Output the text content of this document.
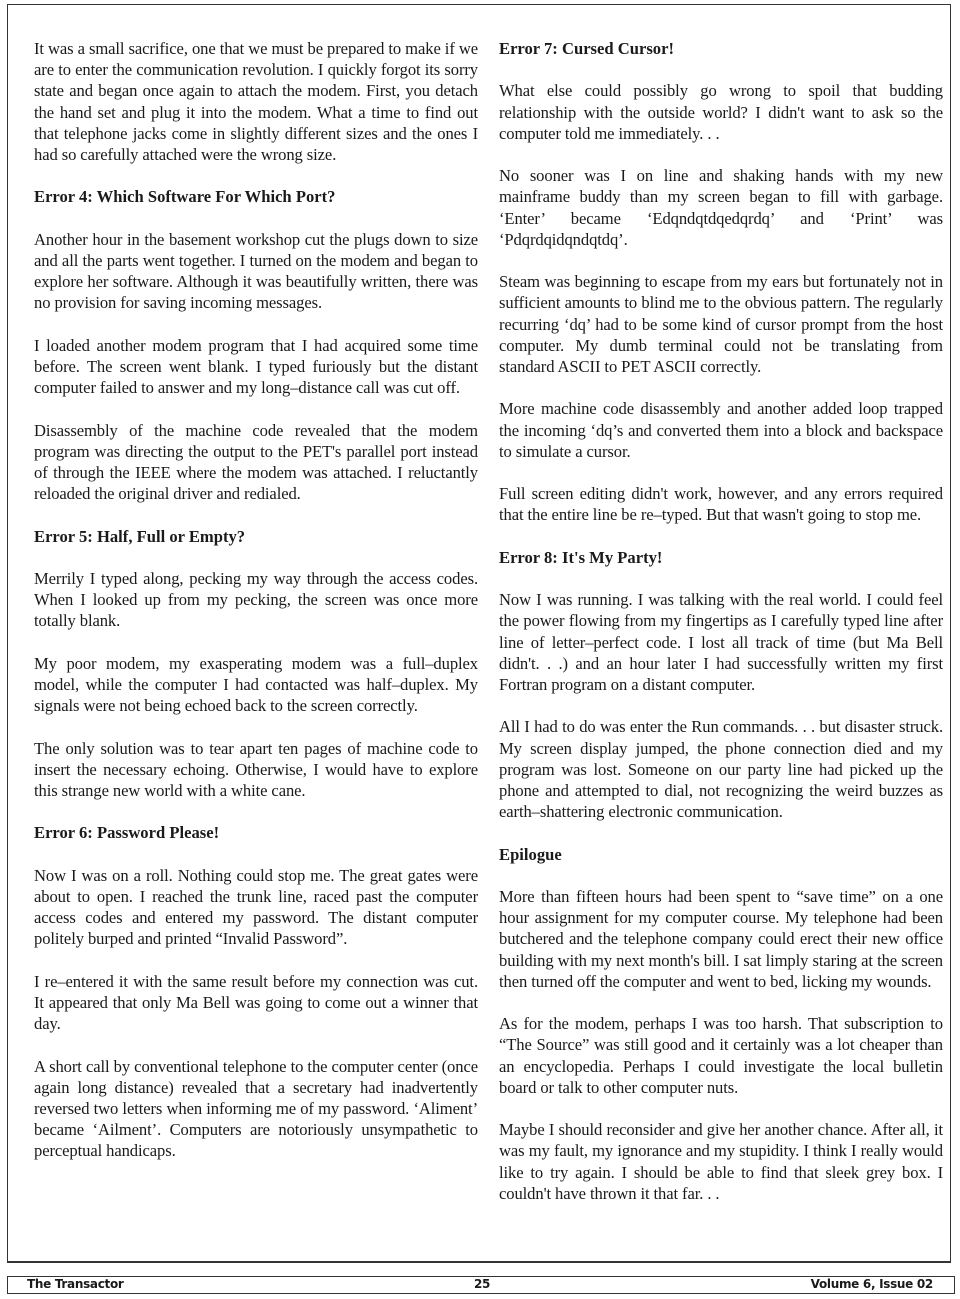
It was a small sacrifice, one that we must be prepared to make if we are to enter the communication revolution. I quickly forgot its sorry state and began once again to attach the modem. First, you detach the hand set and plug it into the modem. What a time to find out that telephone jacks come in slightly different sizes and the ones I had so carefully attached were the wrong size.

Error 4: Which Software For Which Port?

Another hour in the basement workshop cut the plugs down to size and all the parts went together. I turned on the modem and began to explore her software. Although it was beautifully written, there was no provision for saving incoming messages.

I loaded another modem program that I had acquired some time before. The screen went blank. I typed furiously but the distant computer failed to answer and my long–distance call was cut off.

Disassembly of the machine code revealed that the modem program was directing the output to the PET's parallel port instead of through the IEEE where the modem was attached. I reluctantly reloaded the original driver and redialed.

Error 5: Half, Full or Empty?

Merrily I typed along, pecking my way through the access codes. When I looked up from my pecking, the screen was once more totally blank.

My poor modem, my exasperating modem was a full–duplex model, while the computer I had contacted was half–duplex. My signals were not being echoed back to the screen correctly.

The only solution was to tear apart ten pages of machine code to insert the necessary echoing. Otherwise, I would have to explore this strange new world with a white cane.

Error 6: Password Please!

Now I was on a roll. Nothing could stop me. The great gates were about to open. I reached the trunk line, raced past the computer access codes and entered my password. The distant computer politely burped and printed “Invalid Password”.

I re–entered it with the same result before my connection was cut. It appeared that only Ma Bell was going to come out a winner that day.

A short call by conventional telephone to the computer center (once again long distance) revealed that a secretary had inadvertently reversed two letters when informing me of my password. ‘Aliment’ became ‘Ailment’. Computers are notoriously unsympathetic to perceptual handicaps.

Error 7: Cursed Cursor!

What else could possibly go wrong to spoil that budding relationship with the outside world? I didn't want to ask so the computer told me immediately. . .

No sooner was I on line and shaking hands with my new mainframe buddy than my screen began to fill with garbage. ‘Enter’ became ‘Edqndqtdqedqrdq’ and ‘Print’ was ‘Pdqrdqidqndqtdq’.

Steam was beginning to escape from my ears but fortunately not in sufficient amounts to blind me to the obvious pattern. The regularly recurring ‘dq’ had to be some kind of cursor prompt from the host computer. My dumb terminal could not be translating from standard ASCII to PET ASCII correctly.

More machine code disassembly and another added loop trapped the incoming ‘dq’s and converted them into a block and backspace to simulate a cursor.

Full screen editing didn't work, however, and any errors required that the entire line be re–typed. But that wasn't going to stop me.

Error 8: It's My Party!

Now I was running. I was talking with the real world. I could feel the power flowing from my fingertips as I carefully typed line after line of letter–perfect code. I lost all track of time (but Ma Bell didn't. . .) and an hour later I had successfully written my first Fortran program on a distant computer.

All I had to do was enter the Run commands. . . but disaster struck. My screen display jumped, the phone connection died and my program was lost. Someone on our party line had picked up the phone and attempted to dial, not recognizing the weird buzzes as earth–shattering electronic communication.

Epilogue

More than fifteen hours had been spent to “save time” on a one hour assignment for my computer course. My telephone had been butchered and the telephone company could erect their new office building with my next month's bill. I sat limply staring at the screen then turned off the computer and went to bed, licking my wounds.

As for the modem, perhaps I was too harsh. That subscription to “The Source” was still good and it certainly was a lot cheaper than an encyclopedia. Perhaps I could investigate the local bulletin board or talk to other computer nuts.

Maybe I should reconsider and give her another chance. After all, it was my fault, my ignorance and my stupidity. I think I really would like to try again. I should be able to find that sleek grey box. I couldn't have thrown it that far. . .

The Transactor	25	Volume 6, Issue 02
